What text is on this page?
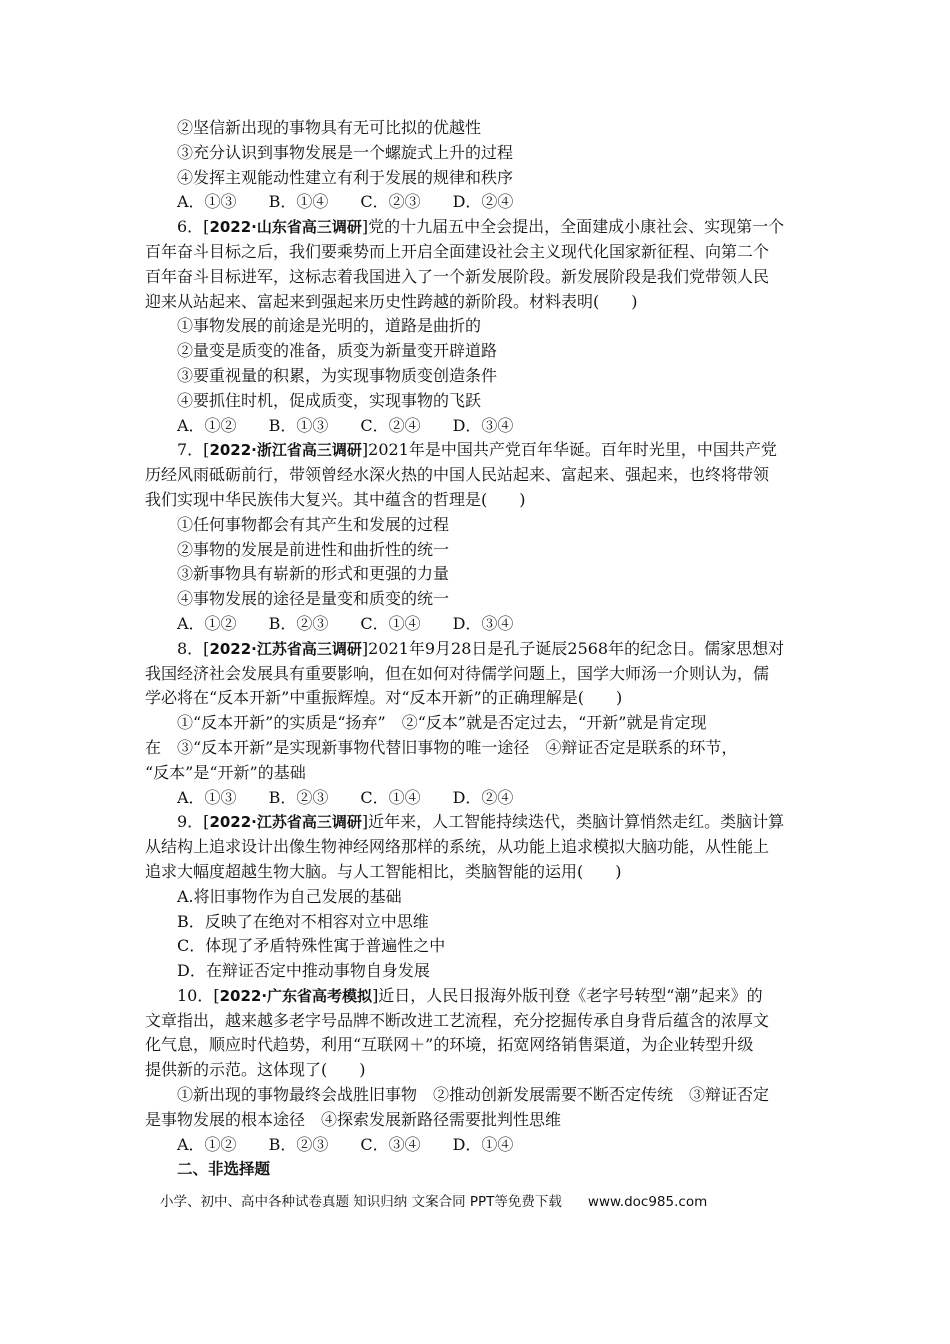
②坚信新出现的事物具有无可比拟的优越性
③充分认识到事物发展是一个螺旋式上升的过程
④发挥主观能动性建立有利于发展的规律和秩序
A．①③ B．①④ C．②③ D．②④
6．[2022·山东省高三调研]党的十九届五中全会提出，全面建成小康社会、实现第一个
百年奋斗目标之后，我们要乘势而上开启全面建设社会主义现代化国家新征程、向第二个
百年奋斗目标进军，这标志着我国进入了一个新发展阶段。新发展阶段是我们党带领人民
迎来从站起来、富起来到强起来历史性跨越的新阶段。材料表明(　　)
①事物发展的前途是光明的，道路是曲折的
②量变是质变的准备，质变为新量变开辟道路
③要重视量的积累，为实现事物质变创造条件
④要抓住时机，促成质变，实现事物的飞跃
A．①② B．①③ C．②④ D．③④
7．[2022·浙江省高三调研]2021年是中国共产党百年华诞。百年时光里，中国共产党
历经风雨砥砺前行，带领曾经水深火热的中国人民站起来、富起来、强起来，也终将带领
我们实现中华民族伟大复兴。其中蕴含的哲理是(　　)
①任何事物都会有其产生和发展的过程
②事物的发展是前进性和曲折性的统一
③新事物具有崭新的形式和更强的力量
④事物发展的途径是量变和质变的统一
A．①② B．②③ C．①④ D．③④
8．[2022·江苏省高三调研]2021年9月28日是孔子诞辰2568年的纪念日。儒家思想对
我国经济社会发展具有重要影响，但在如何对待儒学问题上，国学大师汤一介则认为，儒
学必将在“反本开新”中重振辉煌。对“反本开新”的正确理解是(　　)
①“反本开新”的实质是“扬弃”　②“反本”就是否定过去，“开新”就是肯定现
在　③“反本开新”是实现新事物代替旧事物的唯一途径　④辩证否定是联系的环节，
“反本”是“开新”的基础
A．①③ B．②③ C．①④ D．②④
9．[2022·江苏省高三调研]近年来，人工智能持续迭代，类脑计算悄然走红。类脑计算
从结构上追求设计出像生物神经网络那样的系统，从功能上追求模拟大脑功能，从性能上
追求大幅度超越生物大脑。与人工智能相比，类脑智能的运用(　　)
A.将旧事物作为自己发展的基础
B．反映了在绝对不相容对立中思维
C．体现了矛盾特殊性寓于普遍性之中
D．在辩证否定中推动事物自身发展
10．[2022·广东省高考模拟]近日，人民日报海外版刊登《老字号转型“潮”起来》的
文章指出，越来越多老字号品牌不断改进工艺流程，充分挖掘传承自身背后蕴含的浓厚文
化气息，顺应时代趋势，利用“互联网＋”的环境，拓宽网络销售渠道，为企业转型升级
提供新的示范。这体现了(　　)
①新出现的事物最终会战胜旧事物　②推动创新发展需要不断否定传统　③辩证否定
是事物发展的根本途径　④探索发展新路径需要批判性思维
A．①② B．②③ C．③④ D．①④
二、非选择题
小学、初中、高中各种试卷真题 知识归纳 文案合同 PPT等免费下载 www.doc985.com
